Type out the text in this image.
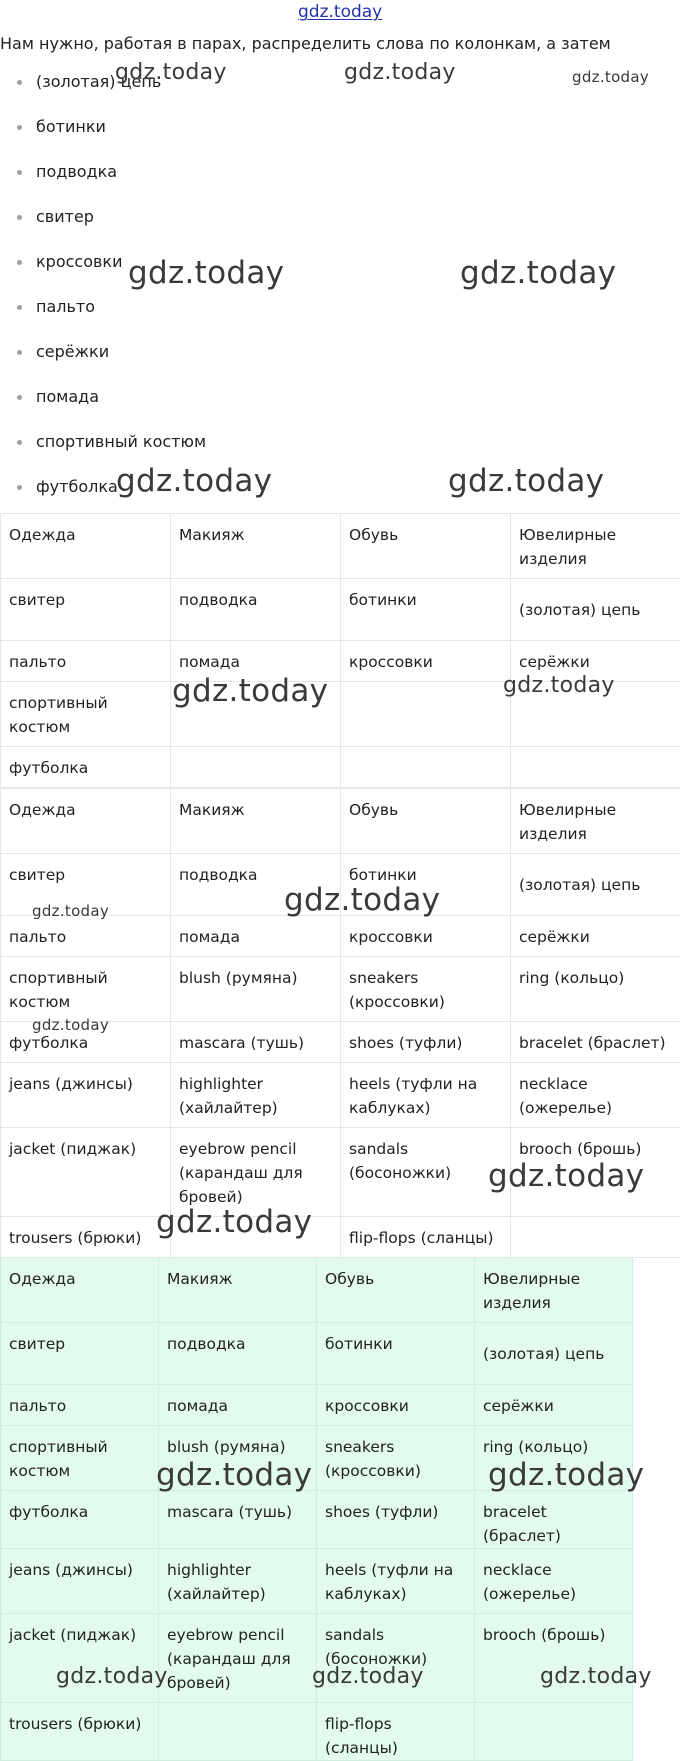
gdz.today

Нам нужно, работая в парах, распределить слова по колонкам, а затем

(золотая) цепь
ботинки
подводка
свитер
кроссовки
пальто
серёжки
помада
спортивный костюм
футболка
Одежда	Макияж	Обувь	Ювелирные изделия

свитер	подводка	ботинки	(золотая) цепь

пальто	помада	кроссовки	серёжки

спортивный костюм			

футболка			

Одежда	Макияж	Обувь	Ювелирные изделия

свитер	подводка	ботинки	(золотая) цепь

пальто	помада	кроссовки	серёжки

спортивный костюм	blush (румяна)	sneakers (кроссовки)	ring (кольцо)

футболка	mascara (тушь)	shoes (туфли)	bracelet (браслет)

jeans (джинсы)	highlighter (хайлайтер)	heels (туфли на каблуках)	necklace (ожерелье)

jacket (пиджак)	eyebrow pencil (карандаш для бровей)	sandals (босоножки)	brooch (брошь)

trousers (брюки)		flip-flops (сланцы)	

Одежда	Макияж	Обувь	Ювелирные изделия

свитер	подводка	ботинки	(золотая) цепь

пальто	помада	кроссовки	серёжки

спортивный костюм	blush (румяна)	sneakers (кроссовки)	ring (кольцо)

футболка	mascara (тушь)	shoes (туфли)	bracelet (браслет)

jeans (джинсы)	highlighter (хайлайтер)	heels (туфли на каблуках)	necklace (ожерелье)

jacket (пиджак)	eyebrow pencil (карандаш для бровей)	sandals (босоножки)	brooch (брошь)

trousers (брюки)		flip-flops (сланцы)	

gdz.today	gdz.today	gdz.today
gdz.today	gdz.today
gdz.today	gdz.today
gdz.today	gdz.today
gdz.today
gdz.today
gdz.today
gdz.today
gdz.today
gdz.today	gdz.today
gdz.today	gdz.today	gdz.today
